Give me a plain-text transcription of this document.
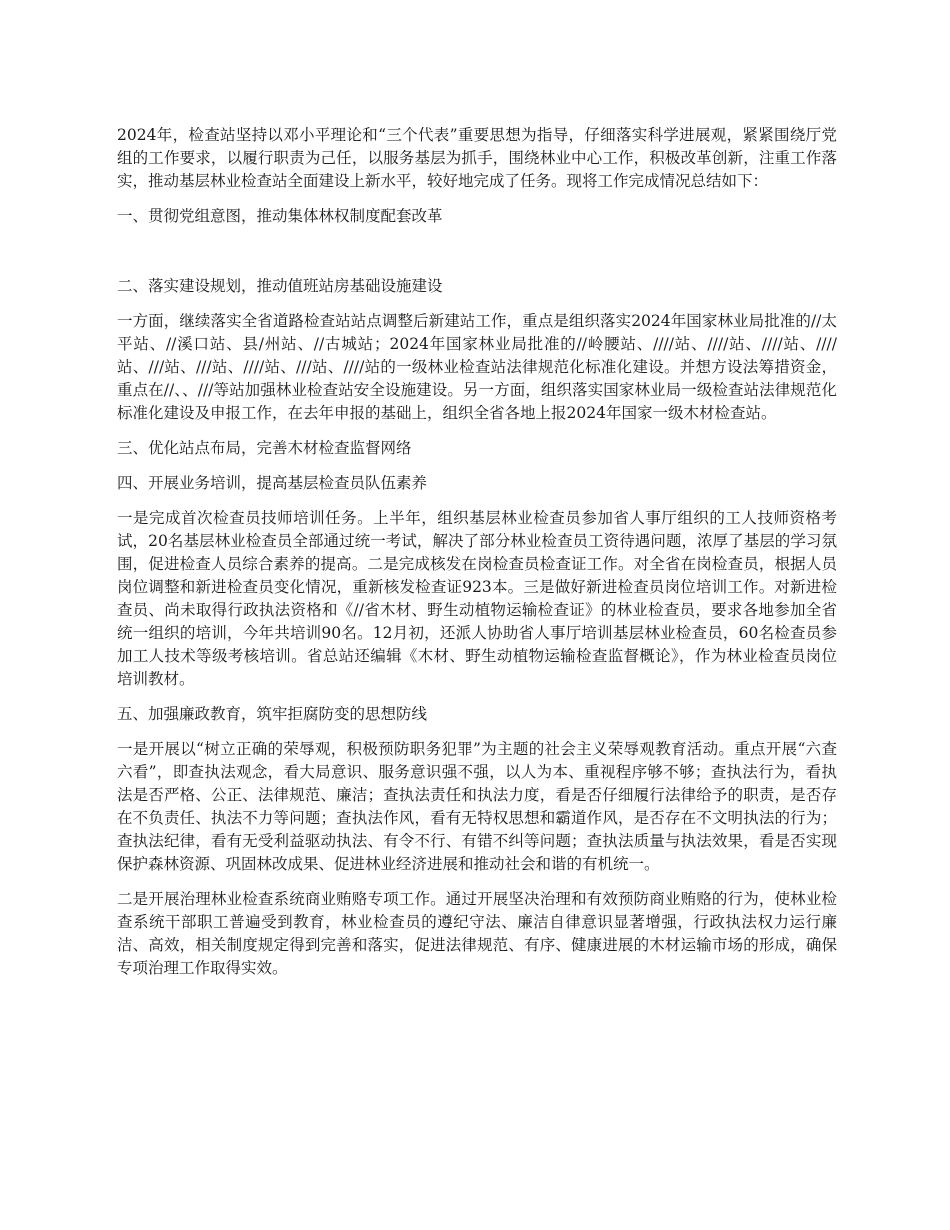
2024年，检查站坚持以邓小平理论和“三个代表”重要思想为指导，仔细落实科学进展观，紧紧围绕厅党组的工作要求，以履行职责为己任，以服务基层为抓手，围绕林业中心工作，积极改革创新，注重工作落实，推动基层林业检查站全面建设上新水平，较好地完成了任务。现将工作完成情况总结如下：

一、贯彻党组意图，推动集体林权制度配套改革

二、落实建设规划，推动值班站房基础设施建设

一方面，继续落实全省道路检查站站点调整后新建站工作，重点是组织落实2024年国家林业局批准的//太平站、//溪口站、县/州站、//古城站；2024年国家林业局批准的//岭腰站、////站、////站、////站、////站、///站、///站、////站、///站、////站的一级林业检查站法律规范化标准化建设。并想方设法筹措资金，重点在//、、///等站加强林业检查站安全设施建设。另一方面，组织落实国家林业局一级检查站法律规范化标准化建设及申报工作，在去年申报的基础上，组织全省各地上报2024年国家一级木材检查站。

三、优化站点布局，完善木材检查监督网络

四、开展业务培训，提高基层检查员队伍素养

一是完成首次检查员技师培训任务。上半年，组织基层林业检查员参加省人事厅组织的工人技师资格考试，20名基层林业检查员全部通过统一考试，解决了部分林业检查员工资待遇问题，浓厚了基层的学习氛围，促进检查人员综合素养的提高。二是完成核发在岗检查员检查证工作。对全省在岗检查员，根据人员岗位调整和新进检查员变化情况，重新核发检查证923本。三是做好新进检查员岗位培训工作。对新进检查员、尚未取得行政执法资格和《//省木材、野生动植物运输检查证》的林业检查员，要求各地参加全省统一组织的培训，今年共培训90名。12月初，还派人协助省人事厅培训基层林业检查员，60名检查员参加工人技术等级考核培训。省总站还编辑《木材、野生动植物运输检查监督概论》，作为林业检查员岗位培训教材。

五、加强廉政教育，筑牢拒腐防变的思想防线

一是开展以“树立正确的荣辱观，积极预防职务犯罪”为主题的社会主义荣辱观教育活动。重点开展“六查六看”，即查执法观念，看大局意识、服务意识强不强，以人为本、重视程序够不够；查执法行为，看执法是否严格、公正、法律规范、廉洁；查执法责任和执法力度，看是否仔细履行法律给予的职责，是否存在不负责任、执法不力等问题；查执法作风，看有无特权思想和霸道作风，是否存在不文明执法的行为；查执法纪律，看有无受利益驱动执法、有令不行、有错不纠等问题；查执法质量与执法效果，看是否实现保护森林资源、巩固林改成果、促进林业经济进展和推动社会和谐的有机统一。

二是开展治理林业检查系统商业贿赂专项工作。通过开展坚决治理和有效预防商业贿赂的行为，使林业检查系统干部职工普遍受到教育，林业检查员的遵纪守法、廉洁自律意识显著增强，行政执法权力运行廉洁、高效，相关制度规定得到完善和落实，促进法律规范、有序、健康进展的木材运输市场的形成，确保专项治理工作取得实效。
